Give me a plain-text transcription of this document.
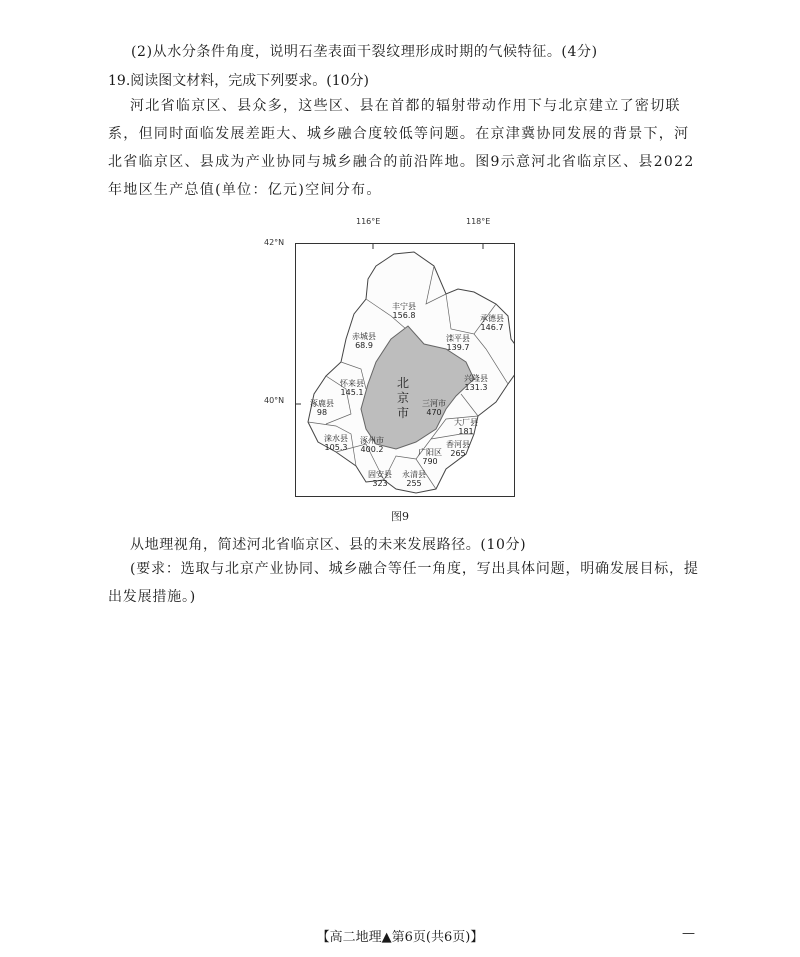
(2)从水分条件角度，说明石垄表面干裂纹理形成时期的气候特征。(4分)
19.阅读图文材料，完成下列要求。(10分)
河北省临京区、县众多，这些区、县在首都的辐射带动作用下与北京建立了密切联系，但同时面临发展差距大、城乡融合度较低等问题。在京津冀协同发展的背景下，河北省临京区、县成为产业协同与城乡融合的前沿阵地。图9示意河北省临京区、县2022年地区生产总值(单位：亿元)空间分布。
116°E	118°E
42°N
40°N
北京市
丰宁县
156.8
赤城县
68.9
承德县
146.7
滦平县
139.7
兴隆县
131.3
怀来县
145.1
涿鹿县
98
三河市
470
大厂县
181
香河县
265
涞水县
105.3
涿州市
400.2	广阳区
790
固安县
323
永清县
255
图9
从地理视角，简述河北省临京区、县的未来发展路径。(10分)
(要求：选取与北京产业协同、城乡融合等任一角度，写出具体问题，明确发展目标，提出发展措施。)
【高二地理▲第6页(共6页)】	—
